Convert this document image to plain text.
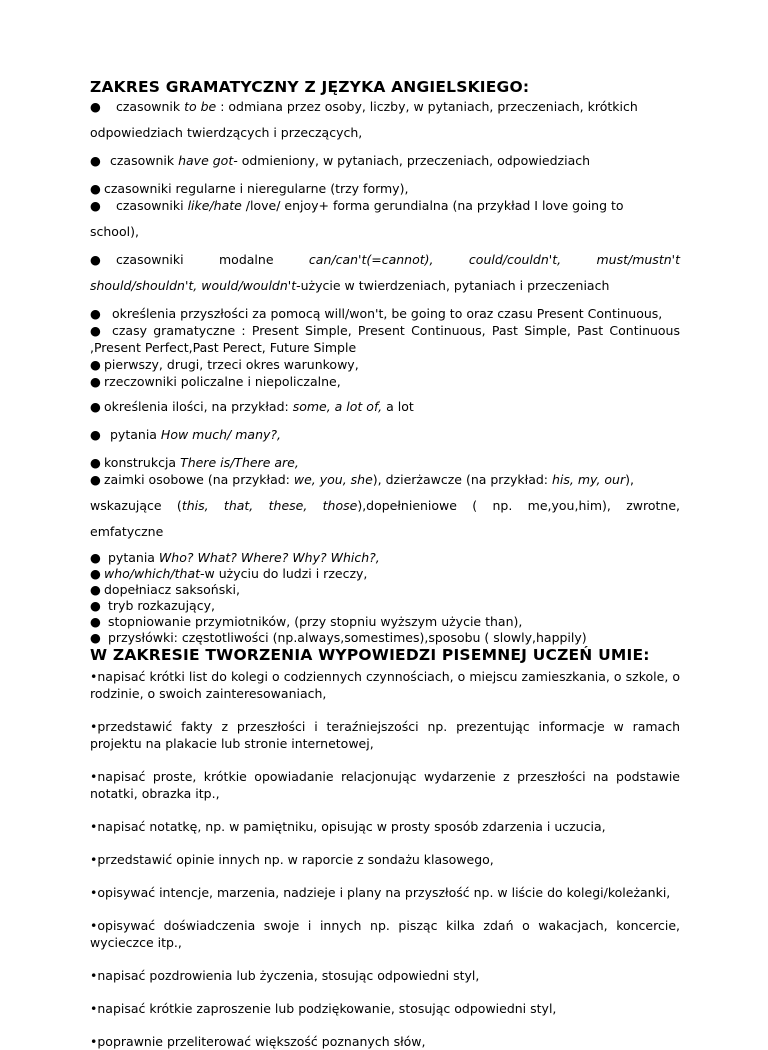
ZAKRES GRAMATYCZNY Z JĘZYKA ANGIELSKIEGO:
● czasownik to be : odmiana przez osoby, liczby, w pytaniach, przeczeniach, krótkich
odpowiedziach twierdzących i przeczących,
● czasownik have got- odmieniony, w pytaniach, przeczeniach, odpowiedziach
● czasowniki regularne i nieregularne (trzy formy),
● czasowniki like/hate /love/ enjoy+ forma gerundialna (na przykład I love going to
school),
● czasowniki	modalne	can/can't(=cannot),	could/couldn't,	must/mustn't
should/shouldn't, would/wouldn't-użycie w twierdzeniach, pytaniach i przeczeniach
● określenia przyszłości za pomocą will/won't, be going to oraz czasu Present Continuous,
● czasy gramatyczne : Present Simple, Present Continuous, Past Simple, Past Continuous ,Present Perfect,Past Perect, Future Simple
● pierwszy, drugi, trzeci okres warunkowy,
● rzeczowniki policzalne i niepoliczalne,
● określenia ilości, na przykład: some, a lot of, a lot
● pytania How much/ many?,
● konstrukcja There is/There are,
● zaimki osobowe (na przykład: we, you, she), dzierżawcze (na przykład: his, my, our),
wskazujące (this, that, these, those),dopełnieniowe ( np. me,you,him), zwrotne,
emfatyczne
● pytania Who? What? Where? Why? Which?,
● who/which/that-w użyciu do ludzi i rzeczy,
● dopełniacz saksoński,
● tryb rozkazujący,
● stopniowanie przymiotników, (przy stopniu wyższym użycie than),
● przysłówki: częstotliwości (np.always,somestimes),sposobu ( slowly,happily)
W ZAKRESIE TWORZENIA WYPOWIEDZI PISEMNEJ UCZEŃ UMIE:
•napisać krótki list do kolegi o codziennych czynnościach, o miejscu zamieszkania, o szkole, o rodzinie, o swoich zainteresowaniach,
•przedstawić fakty z przeszłości i teraźniejszości np. prezentując informacje w ramach projektu na plakacie lub stronie internetowej,
•napisać proste, krótkie opowiadanie relacjonując wydarzenie z przeszłości na podstawie notatki, obrazka itp.,
•napisać notatkę, np. w pamiętniku, opisując w prosty sposób zdarzenia i uczucia,
•przedstawić opinie innych np. w raporcie z sondażu klasowego,
•opisywać intencje, marzenia, nadzieje i plany na przyszłość np. w liście do kolegi/koleżanki,
•opisywać doświadczenia swoje i innych np. pisząc kilka zdań o wakacjach, koncercie, wycieczce itp.,
•napisać pozdrowienia lub życzenia, stosując odpowiedni styl,
•napisać krótkie zaproszenie lub podziękowanie, stosując odpowiedni styl,
•poprawnie przeliterować większość poznanych słów,
